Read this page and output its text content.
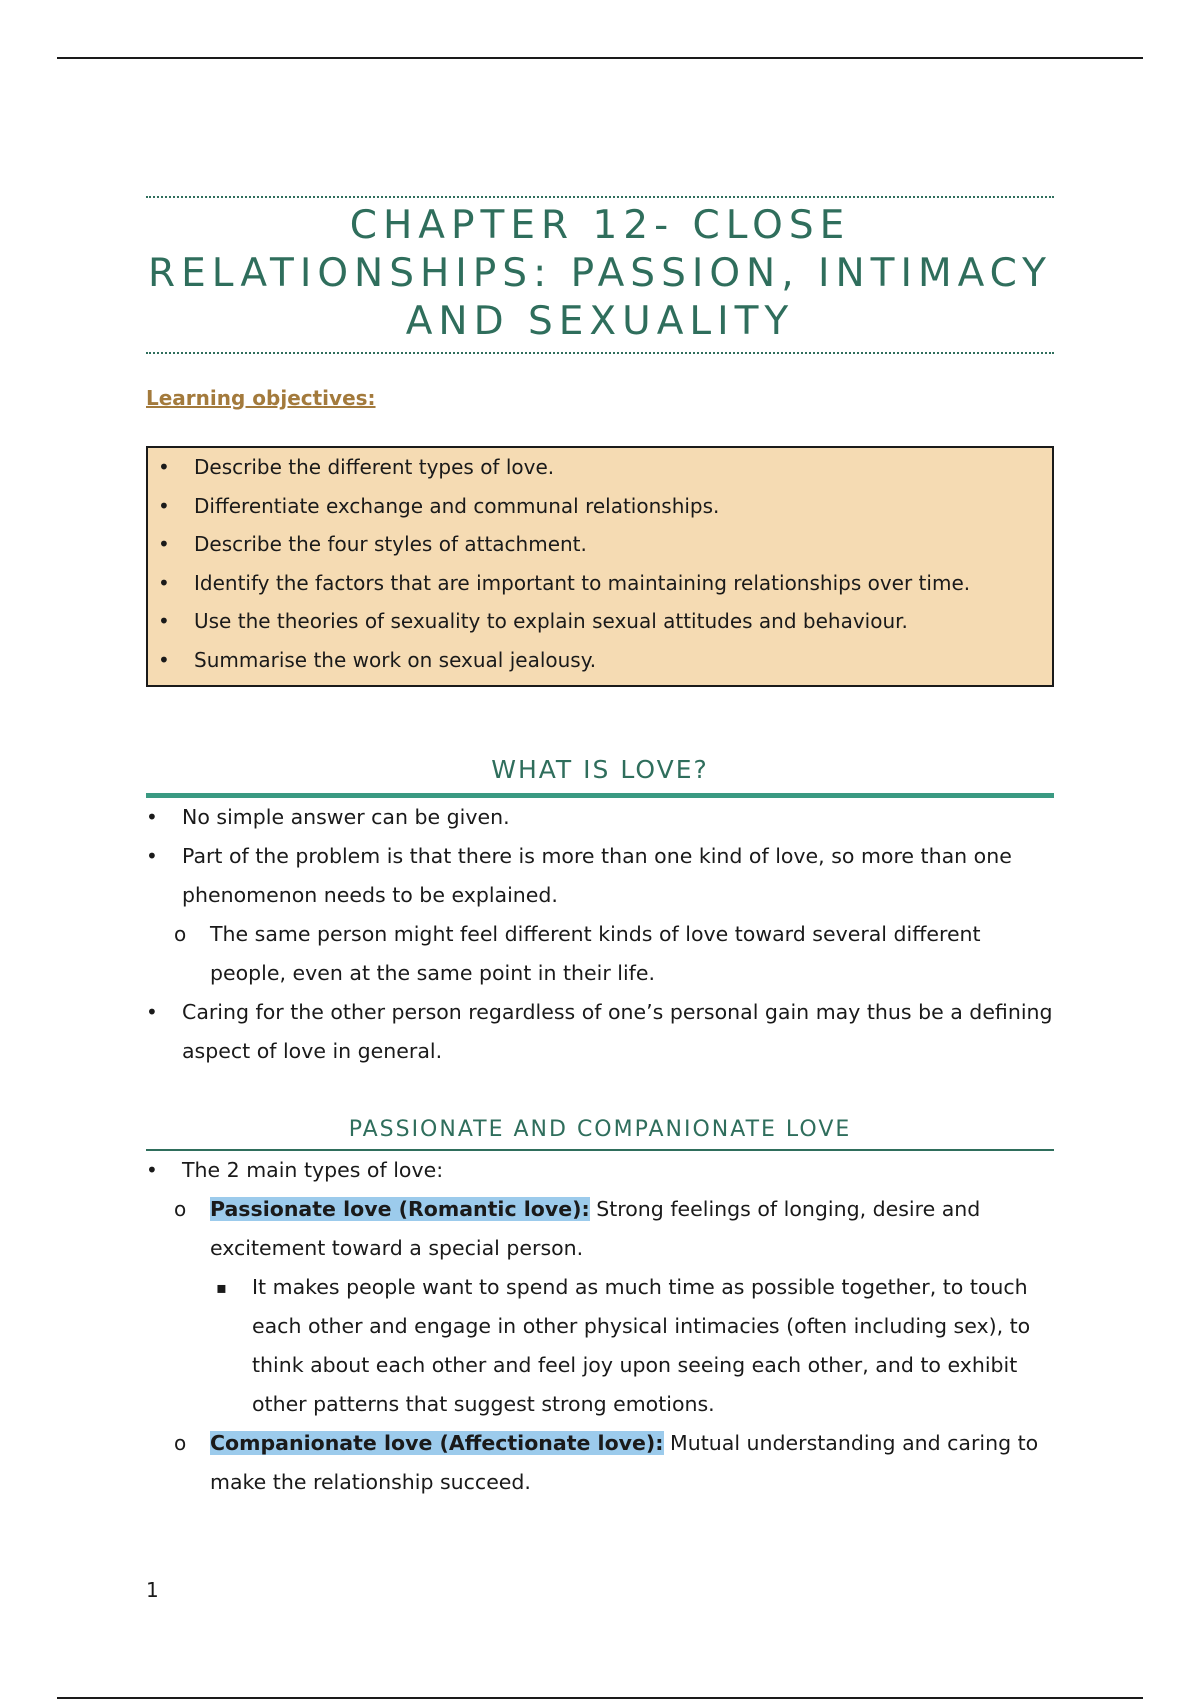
CHAPTER 12- CLOSE
RELATIONSHIPS: PASSION, INTIMACY
AND SEXUALITY
Learning objectives:
• Describe the different types of love.
• Differentiate exchange and communal relationships.
• Describe the four styles of attachment.
• Identify the factors that are important to maintaining relationships over time.
• Use the theories of sexuality to explain sexual attitudes and behaviour.
• Summarise the work on sexual jealousy.
WHAT IS LOVE?
• No simple answer can be given.
• Part of the problem is that there is more than one kind of love, so more than one phenomenon needs to be explained.
o The same person might feel different kinds of love toward several different people, even at the same point in their life.
• Caring for the other person regardless of one’s personal gain may thus be a defining aspect of love in general.
PASSIONATE AND COMPANIONATE LOVE
• The 2 main types of love:
o Passionate love (Romantic love): Strong feelings of longing, desire and excitement toward a special person.
▪ It makes people want to spend as much time as possible together, to touch each other and engage in other physical intimacies (often including sex), to think about each other and feel joy upon seeing each other, and to exhibit other patterns that suggest strong emotions.
o Companionate love (Affectionate love): Mutual understanding and caring to make the relationship succeed.
1
